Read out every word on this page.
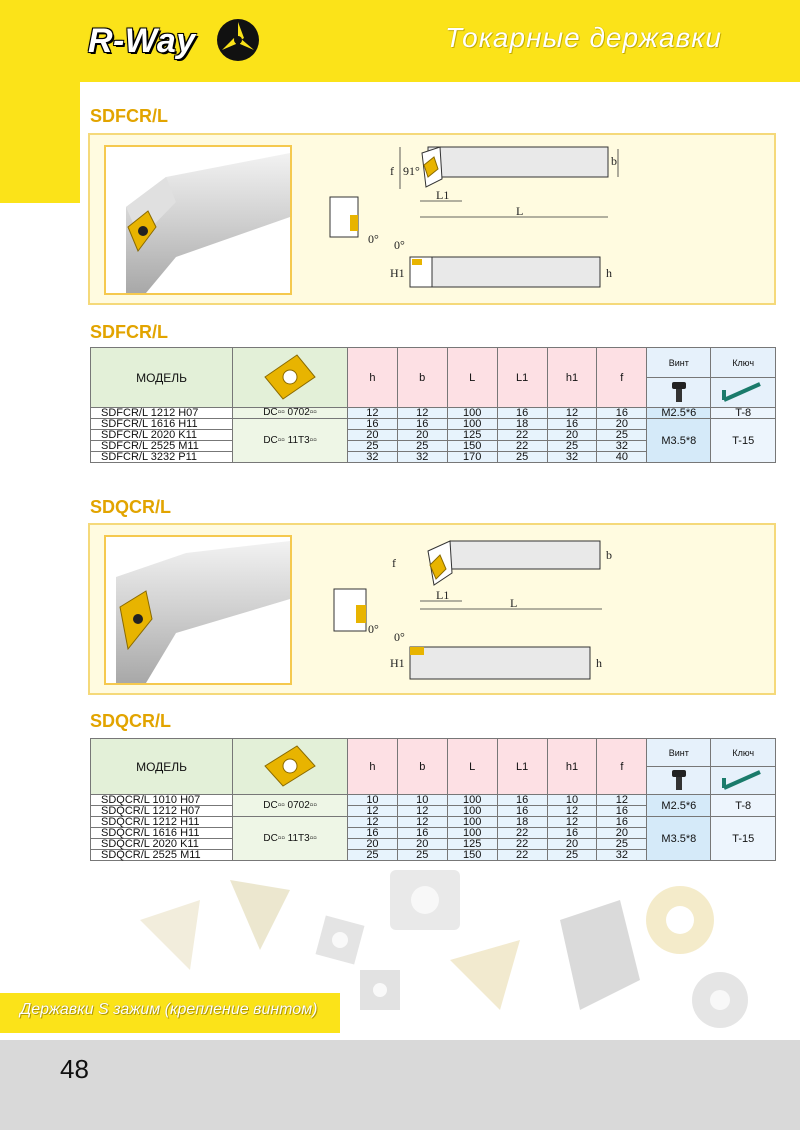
R-Way	Токарные державки
SDFCR/L
f 91°
b
L1
L
0°
H1	h
0°
SDFCR/L
МОДЕЛЬ		h	b	L	L1	h1	f	Винт	Ключ

SDFCR/L 1212 H07	DC▫▫ 0702▫▫	12	12	100	16	12	16	M2.5*6	T-8
SDFCR/L 1616 H11	DC▫▫ 11T3▫▫	16	16	100	18	16	20	M3.5*8	T-15
SDFCR/L 2020 K11		20	20	125	22	20	25		
SDFCR/L 2525 M11		25	25	150	22	25	32		
SDFCR/L 3232 P11		32	32	170	25	32	40		
SDQCR/L
f
b
L1
L
0°
H1	h
0°
SDQCR/L
МОДЕЛЬ		h	b	L	L1	h1	f	Винт	Ключ

SDQCR/L 1010 H07	DC▫▫ 0702▫▫	10	10	100	16	10	12	M2.5*6	T-8
SDQCR/L 1212 H07		12	12	100	16	12	16		
SDQCR/L 1212 H11	DC▫▫ 11T3▫▫	12	12	100	18	12	16	M3.5*8	T-15
SDQCR/L 1616 H11		16	16	100	22	16	20		
SDQCR/L 2020 K11		20	20	125	22	20	25		
SDQCR/L 2525 M11		25	25	150	22	25	32		
Державки S зажим (крепление винтом)
48
